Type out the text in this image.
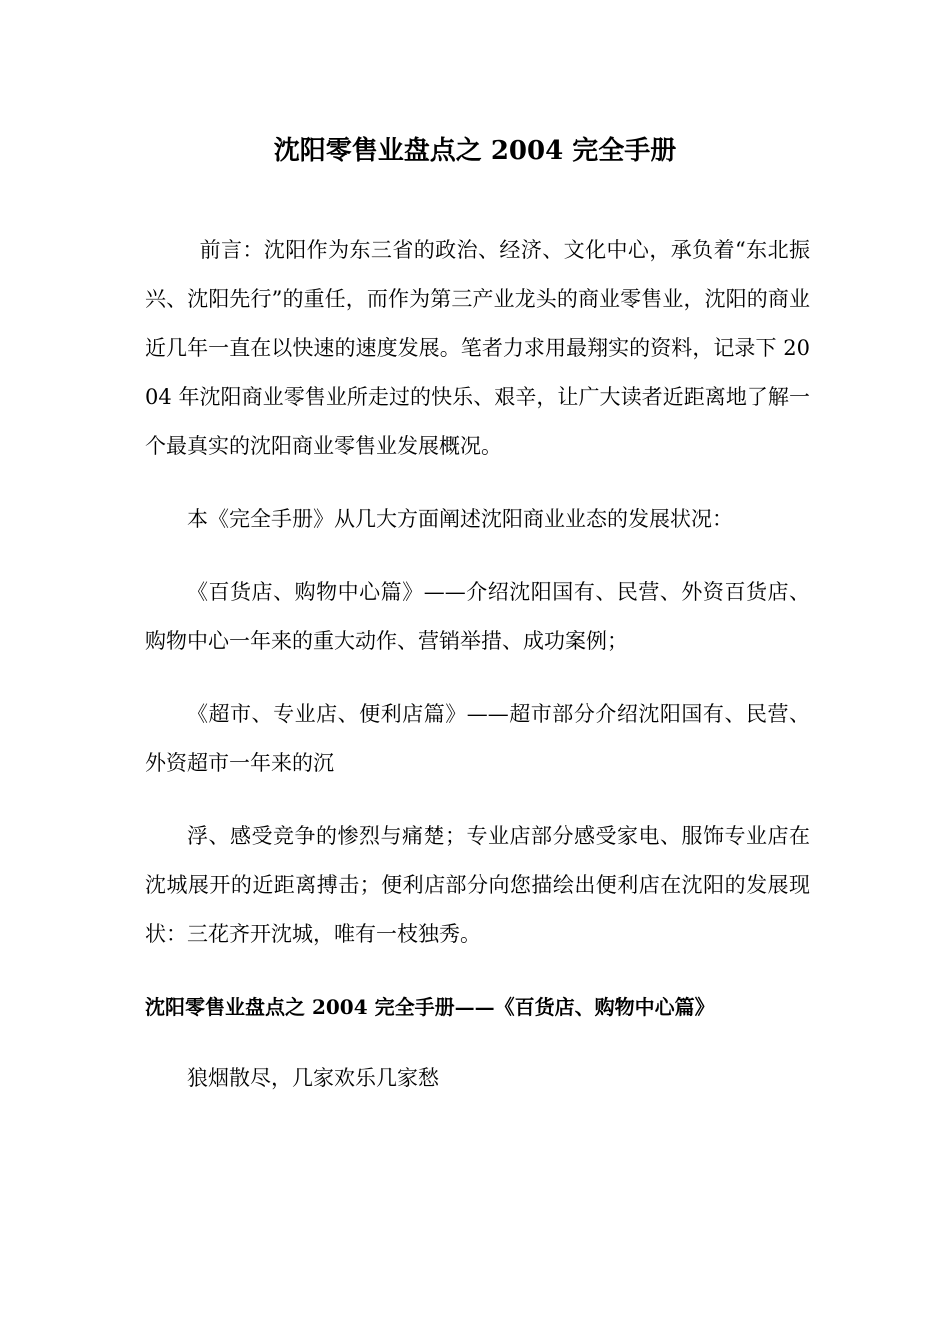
沈阳零售业盘点之 2004 完全手册

前言：沈阳作为东三省的政治、经济、文化中心，承负着“东北振兴、沈阳先行”的重任，而作为第三产业龙头的商业零售业，沈阳的商业近几年一直在以快速的速度发展。笔者力求用最翔实的资料，记录下 2004 年沈阳商业零售业所走过的快乐、艰辛，让广大读者近距离地了解一个最真实的沈阳商业零售业发展概况。

本《完全手册》从几大方面阐述沈阳商业业态的发展状况：

《百货店、购物中心篇》——介绍沈阳国有、民营、外资百货店、购物中心一年来的重大动作、营销举措、成功案例；

《超市、专业店、便利店篇》——超市部分介绍沈阳国有、民营、外资超市一年来的沉

浮、感受竞争的惨烈与痛楚；专业店部分感受家电、服饰专业店在沈城展开的近距离搏击；便利店部分向您描绘出便利店在沈阳的发展现状：三花齐开沈城，唯有一枝独秀。

沈阳零售业盘点之 2004 完全手册——《百货店、购物中心篇》

狼烟散尽，几家欢乐几家愁
